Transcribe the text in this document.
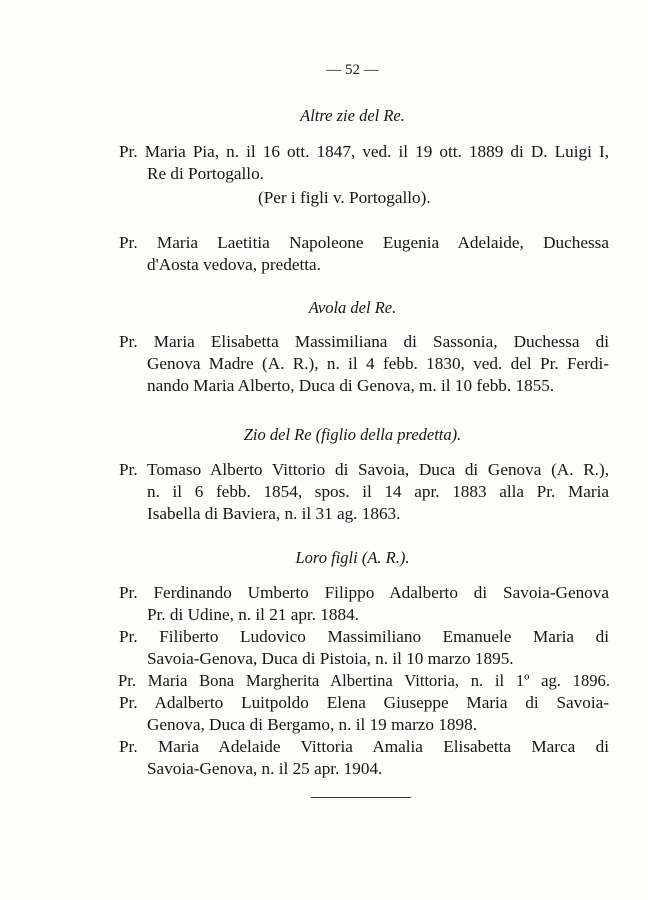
— 52 —
Altre zie del Re.
Pr. Maria Pia, n. il 16 ott. 1847, ved. il 19 ott. 1889 di D. Luigi I,
Re di Portogallo.
(Per i figli v. Portogallo).
Pr. Maria Laetitia Napoleone Eugenia Adelaide, Duchessa
d'Aosta vedova, predetta.
Avola del Re.
Pr. Maria Elisabetta Massimiliana di Sassonia, Duchessa di
Genova Madre (A. R.), n. il 4 febb. 1830, ved. del Pr. Ferdi-
nando Maria Alberto, Duca di Genova, m. il 10 febb. 1855.
Zio del Re (figlio della predetta).
Pr. Tomaso Alberto Vittorio di Savoia, Duca di Genova (A. R.),
n. il 6 febb. 1854, spos. il 14 apr. 1883 alla Pr. Maria
Isabella di Baviera, n. il 31 ag. 1863.
Loro figli (A. R.).
Pr. Ferdinando Umberto Filippo Adalberto di Savoia-Genova
Pr. di Udine, n. il 21 apr. 1884.
Pr. Filiberto Ludovico Massimiliano Emanuele Maria di
Savoia-Genova, Duca di Pistoia, n. il 10 marzo 1895.
Pr. Maria Bona Margherita Albertina Vittoria, n. il 1º ag. 1896.
Pr. Adalberto Luitpoldo Elena Giuseppe Maria di Savoia-
Genova, Duca di Bergamo, n. il 19 marzo 1898.
Pr. Maria Adelaide Vittoria Amalia Elisabetta Marca di
Savoia-Genova, n. il 25 apr. 1904.
